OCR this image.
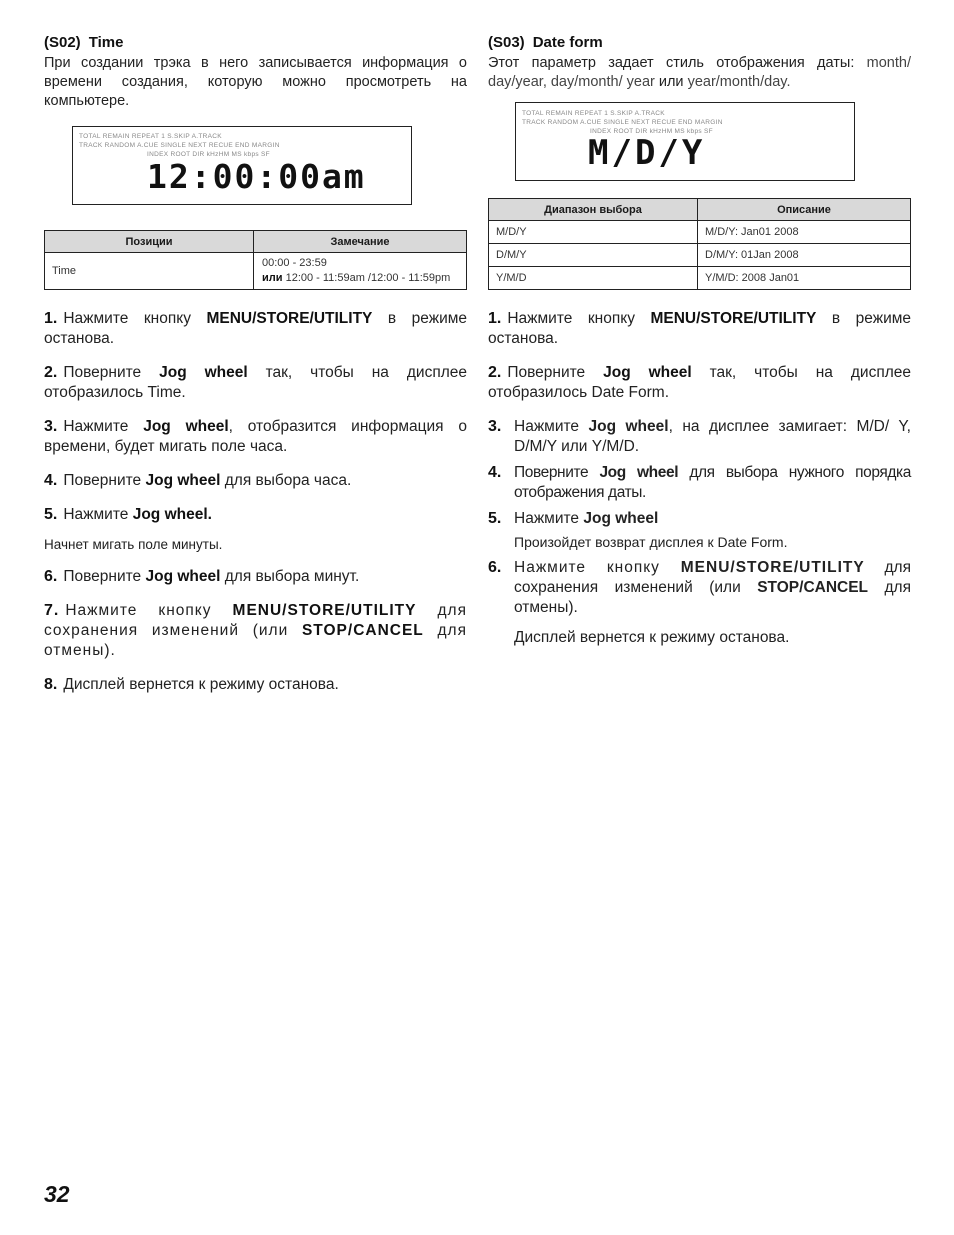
(S02) Time

При создании трэка в него записывается информация о времени создания, которую можно просмотреть на компьютере.

TOTAL REMAIN REPEAT 1 S.SKIP A.TRACK
TRACK RANDOM A.CUE SINGLE NEXT RECUE END MARGIN
INDEX ROOT DIR kHzHM MS kbps SF
12:00:00am
Позиции	Замечание
Time	00:00 - 23:59
или 12:00 - 11:59am /12:00 - 11:59pm

1. Нажмите кнопку MENU/STORE/UTILITY в режиме останова.

2. Поверните Jog wheel так, чтобы на дисплее отобразилось Time.

3. Нажмите Jog wheel, отобразится информация о времени, будет мигать поле часа.

4. Поверните Jog wheel для выбора часа.

5. Нажмите Jog wheel.

Начнет мигать поле минуты.

6. Поверните Jog wheel для выбора минут.

7. Нажмите кнопку MENU/STORE/UTILITY для сохранения изменений (или STOP/CANCEL для отмены).

8. Дисплей вернется к режиму останова.

(S03) Date form

Этот параметр задает стиль отображения даты: month/ day/year, day/month/ year или year/month/day.

TOTAL REMAIN REPEAT 1 S.SKIP A.TRACK
TRACK RANDOM A.CUE SINGLE NEXT RECUE END MARGIN
INDEX ROOT DIR kHzHM MS kbps SF
M/D/Y
Диапазон выбора	Описание
M/D/Y	M/D/Y: Jan01 2008
D/M/Y	D/M/Y: 01Jan 2008
Y/M/D	Y/M/D: 2008 Jan01

1. Нажмите кнопку MENU/STORE/UTILITY в режиме останова.

2. Поверните Jog wheel так, чтобы на дисплее отобразилось Date Form.

3. Нажмите Jog wheel, на дисплее замигает: M/D/ Y, D/M/Y или Y/M/D.
4. Поверните Jog wheel для выбора нужного порядка отображения даты.
5. Нажмите Jog wheel
Произойдет возврат дисплея к Date Form.
6. Нажмите кнопку MENU/STORE/UTILITY для сохранения изменений (или STOP/CANCEL для отмены).
Дисплей вернется к режиму останова.
32
